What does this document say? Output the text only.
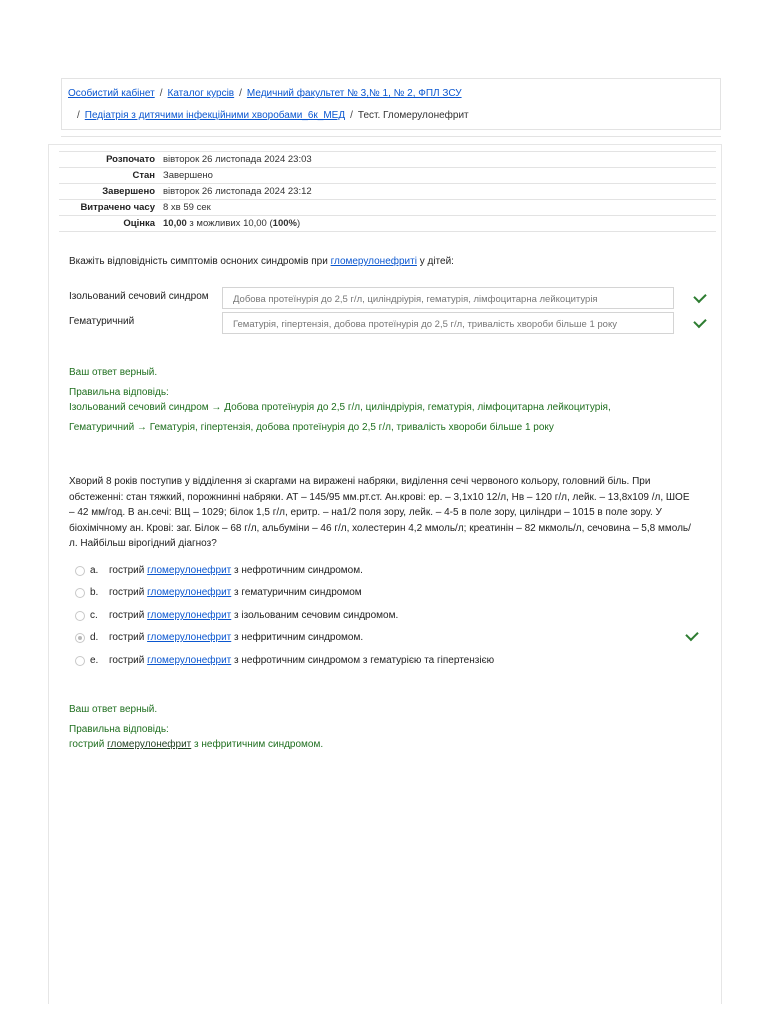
Особистий кабінет / Каталог курсів / Медичний факультет № 3,№ 1, № 2, ФПЛ ЗСУ
/ Педіатрія з дитячими інфекційними хворобами_6к_МЕД / Тест. Гломерулонефрит
Розпочато	вівторок 26 листопада 2024 23:03
Стан	Завершено
Завершено	вівторок 26 листопада 2024 23:12
Витрачено часу	8 хв 59 сек
Оцінка	10,00 з можливих 10,00 (100%)
Вкажіть відповідність симптомів осноних синдромів при гломерулонефриті у дітей:
Ізольований сечовий синдром	Добова протеїнурія до 2,5 г/л, циліндріурія, гематурія, лімфоцитарна лейкоцитурія
Гематуричний	Гематурія, гіпертензія, добова протеїнурія до 2,5 г/л, тривалість хвороби більше 1 року
Ваш ответ верный.
Правильна відповідь:
Ізольований сечовий синдром → Добова протеїнурія до 2,5 г/л, циліндріурія, гематурія, лімфоцитарна лейкоцитурія,
Гематуричний → Гематурія, гіпертензія, добова протеїнурія до 2,5 г/л, тривалість хвороби більше 1 року
Хворий 8 років поступив у відділення зі скаргами на виражені набряки, виділення сечі червоного кольору, головний біль. При обстеженні: стан тяжкий, порожнинні набряки. АТ – 145/95 мм.рт.ст. Ан.крові: ер. – 3,1х10 12/л, Нв – 120 г/л, лейк. – 13,8х109 /л, ШОЕ – 42 мм/год. В ан.сечі: ВЩ – 1029; білок 1,5 г/л, еритр. – на1/2 поля зору, лейк. – 4-5 в поле зору, циліндри – 1015 в поле зору. У біохімічному ан. Крові: заг. Білок – 68 г/л, альбуміни – 46 г/л, холестерин 4,2 ммоль/л; креатинін – 82 мкмоль/л, сечовина – 5,8 ммоль/л. Найбільш вірогідний діагноз?
a. гострий гломерулонефрит з нефротичним синдромом.
b. гострий гломерулонефрит з гематуричним синдромом
c. гострий гломерулонефрит з ізольованим сечовим синдромом.
d. гострий гломерулонефрит з нефритичним синдромом.
e. гострий гломерулонефрит з нефротичним синдромом з гематурією та гіпертензією
Ваш ответ верный.
Правильна відповідь:
гострий гломерулонефрит з нефритичним синдромом.
